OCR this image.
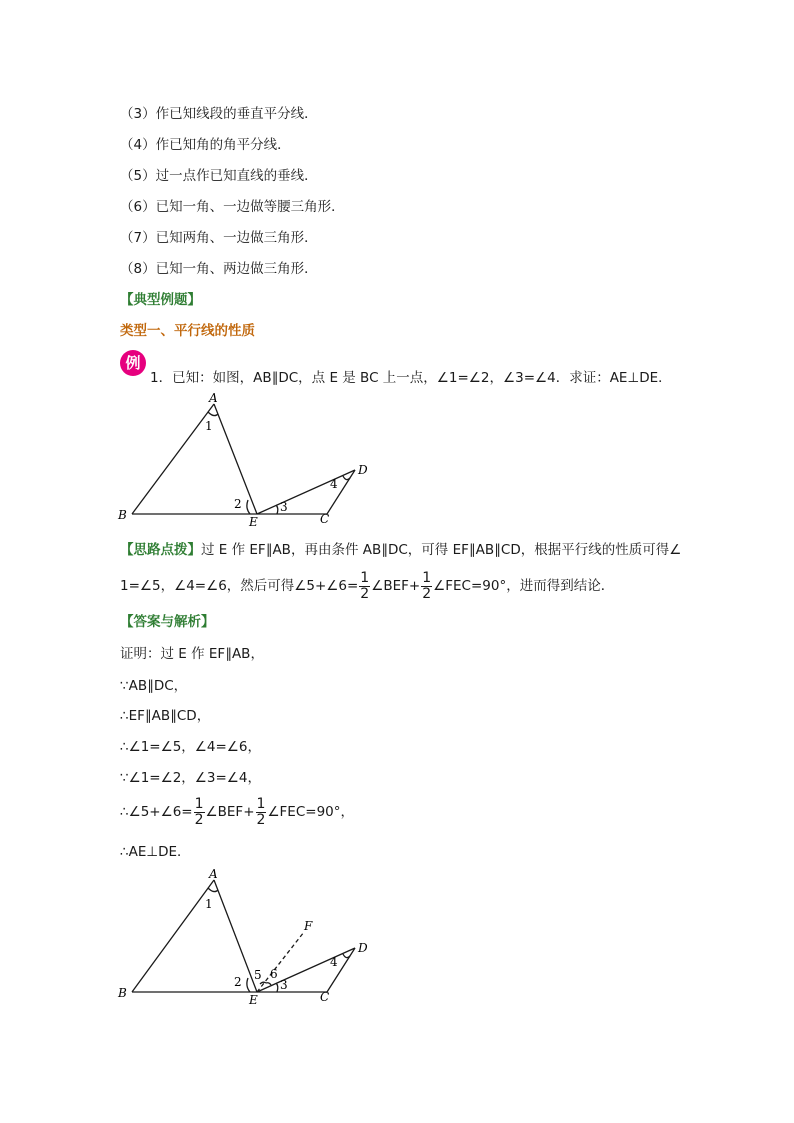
（3）作已知线段的垂直平分线．
（4）作已知角的角平分线．
（5）过一点作已知直线的垂线．
（6）已知一角、一边做等腰三角形．
（7）已知两角、一边做三角形．
（8）已知一角、两边做三角形．
【典型例题】
类型一、平行线的性质
例
1．已知：如图，AB∥DC，点 E 是 BC 上一点，∠1=∠2，∠3=∠4．求证：AE⊥DE．
A
B	E	C
D
1
2	3
4
【思路点拨】过 E 作 EF∥AB，再由条件 AB∥DC，可得 EF∥AB∥CD，根据平行线的性质可得∠
1=∠5，∠4=∠6，然后可得∠5+∠6= $\frac{1}{2}$ ∠BEF+ $\frac{1}{2}$ ∠FEC=90°，进而得到结论．
【答案与解析】
证明：过 E 作 EF∥AB，
∵AB∥DC，
∴EF∥AB∥CD，
∴∠1=∠5，∠4=∠6，
∵∠1=∠2，∠3=∠4，
∴∠5+∠6= $\frac{1}{2}$ ∠BEF+ $\frac{1}{2}$ ∠FEC=90°，
∴AE⊥DE．
A
B	E	C
D
F
1
2 5 6
3
4
